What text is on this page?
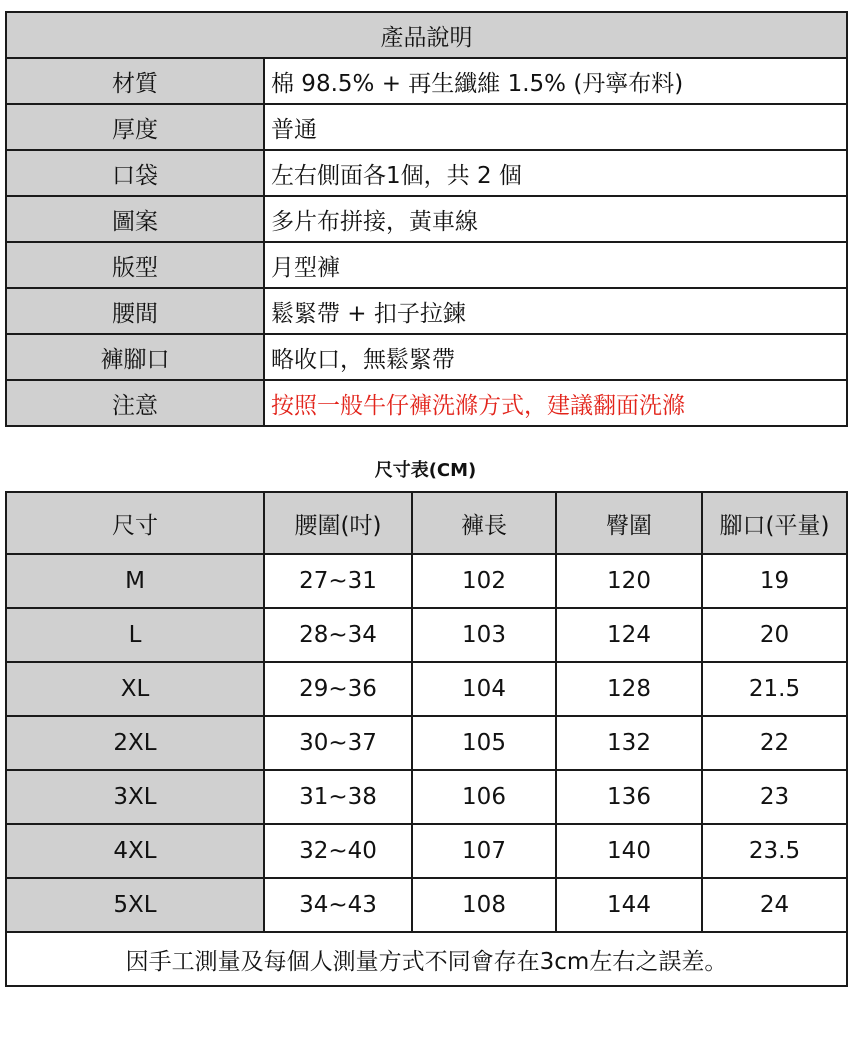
產品說明	
材質	棉 98.5% + 再生纖維 1.5% (丹寧布料)
厚度	普通
口袋	左右側面各1個，共 2 個
圖案	多片布拼接，黃車線
版型	月型褲
腰間	鬆緊帶 + 扣子拉鍊
褲腳口	略收口，無鬆緊帶
注意	按照一般牛仔褲洗滌方式，建議翻面洗滌
尺寸表(CM)
尺寸	腰圍(吋)	褲長	臀圍	腳口(平量)
M	27~31	102	120	19
L	28~34	103	124	20
XL	29~36	104	128	21.5
2XL	30~37	105	132	22
3XL	31~38	106	136	23
4XL	32~40	107	140	23.5
5XL	34~43	108	144	24
因手工測量及每個人測量方式不同會存在3cm左右之誤差。				
